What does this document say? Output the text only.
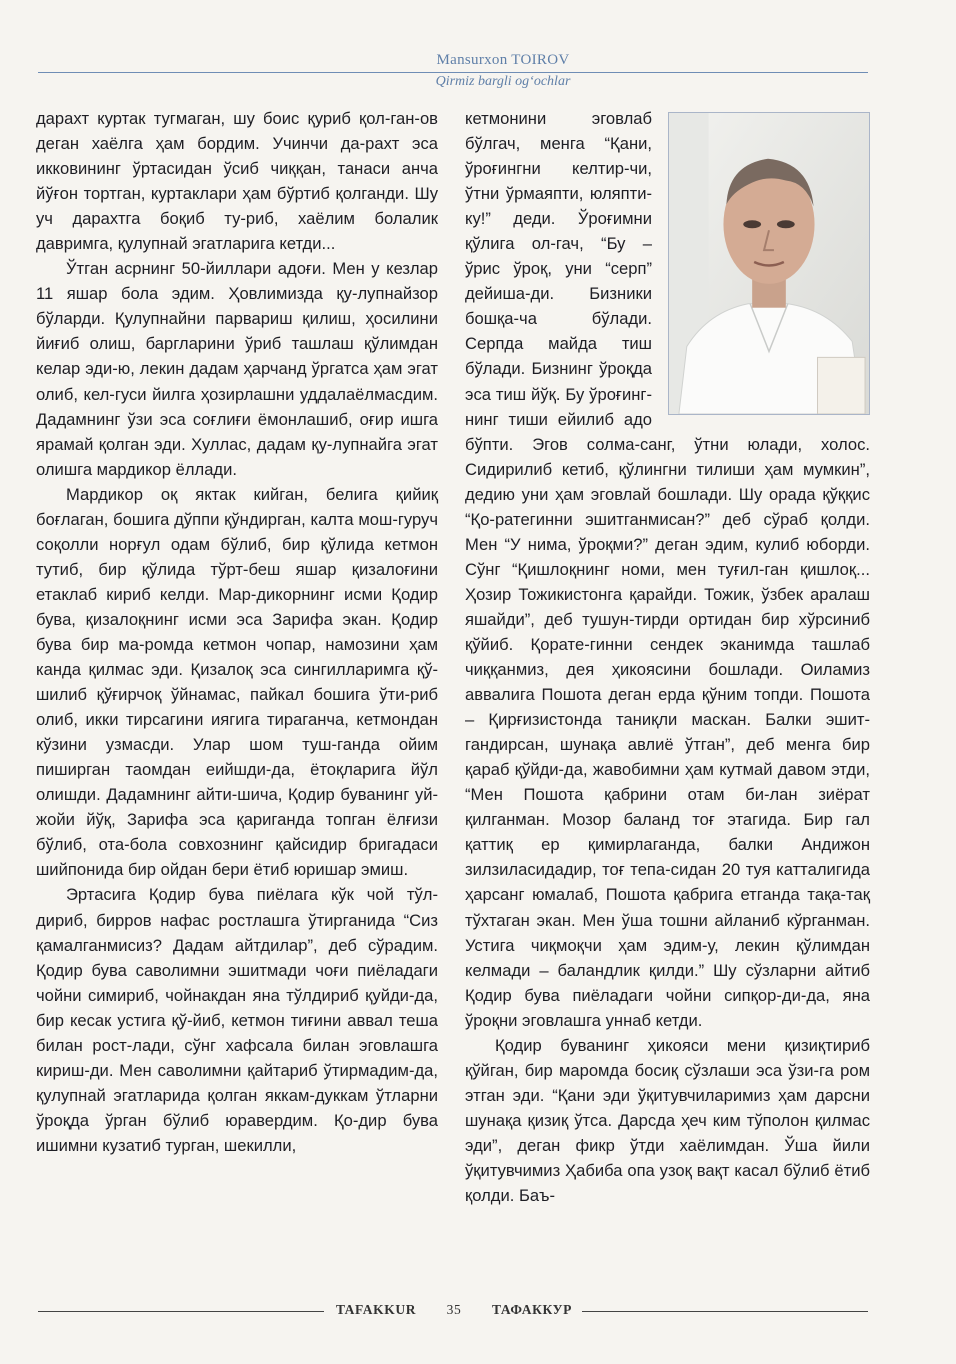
Mansurxon TOIROV
Qirmiz bargli og‘ochlar

дарахт куртак тугмаган, шу боис қуриб қол-ган-ов деган хаёлга ҳам бордим. Учинчи да-рахт эса икковининг ўртасидан ўсиб чиққан, танаси анча йўғон тортган, куртаклари ҳам бўртиб қолганди. Шу уч дарахтга боқиб ту-риб, хаёлим болалик давримга, қулупнай эгатларига кетди...

Ўтган асрнинг 50-йиллари адоғи. Мен у кезлар 11 яшар бола эдим. Ҳовлимизда қу-лупнайзор бўларди. Қулупнайни парвариш қилиш, ҳосилини йиғиб олиш, баргларини ўриб ташлаш қўлимдан келар эди-ю, лекин дадам ҳарчанд ўргатса ҳам эгат олиб, кел-гуси йилга ҳозирлашни уддалаёлмасдим. Дадамнинг ўзи эса соғлиғи ёмонлашиб, оғир ишга ярамай қолган эди. Хуллас, дадам қу-лупнайга эгат олишга мардикор ёллади.

Мардикор оқ яктак кийган, белига қийиқ боғлаган, бошига дўппи қўндирган, калта мош-гуруч соқолли норғул одам бўлиб, бир қўлида кетмон тутиб, бир қўлида тўрт-беш яшар қизалоғини етаклаб кириб келди. Мар-дикорнинг исми Қодир бува, қизалоқнинг исми эса Зарифа экан. Қодир бува бир ма-ромда кетмон чопар, намозини ҳам канда қилмас эди. Қизалоқ эса сингилларимга қў-шилиб қўғирчоқ ўйнамас, пайкал бошига ўти-риб олиб, икки тирсагини иягига тираганча, кетмондан кўзини узмасди. Улар шом туш-ганда ойим пиширган таомдан еийшди-да, ётоқларига йўл олишди. Дадамнинг айти-шича, Қодир буванинг уй-жойи йўқ, Зарифа эса қариганда топган ёлғизи бўлиб, ота-бола совхознинг қайсидир бригадаси шийпонида бир ойдан бери ётиб юришар эмиш.

Эртасига Қодир бува пиёлага кўк чой тўл-дириб, бирров нафас ростлашга ўтирганида “Сиз қамалганмисиз? Дадам айтдилар”, деб сўрадим. Қодир бува саволимни эшитмади чоғи пиёладаги чойни симириб, чойнакдан яна тўлдириб қуйди-да, бир кесак устига қў-йиб, кетмон тиғини аввал теша билан рост-лади, сўнг хафсала билан эговлашга кириш-ди. Мен саволимни қайтариб ўтирмадим-да, қулупнай эгатларида қолган яккам-дуккам ўтларни ўроқда ўрган бўлиб юравердим. Қо-дир бува ишимни кузатиб турган, шекилли,

кетмонини эговлаб бўлгач, менга “Қани, ўроғингни келтир-чи, ўтни ўрмаяпти, юляпти-ку!” деди. Ўроғимни қўлига ол-гач, “Бу – ўрис ўроқ, уни “серп” дейиша-ди. Бизники бошқа-ча бўлади. Серпда майда тиш бўлади. Бизнинг ўроқда эса тиш йўқ. Бу ўроғинг-нинг тиши ейилиб адо бўпти. Эгов солма-санг, ўтни юлади, холос. Сидирилиб кетиб, қўлингни тилиши ҳам мумкин”, дедию уни ҳам эговлай бошлади. Шу орада қўққис “Қо-ратегинни эшитганмисан?” деб сўраб қолди. Мен “У нима, ўроқми?” деган эдим, кулиб юборди. Сўнг “Қишлоқнинг номи, мен туғил-ган қишлоқ... Ҳозир Тожикистонга қарайди. Тожик, ўзбек аралаш яшайди”, деб тушун-тирди ортидан бир хўрсиниб қўйиб. Қорате-гинни сендек эканимда ташлаб чиққанмиз, дея ҳикоясини бошлади. Оиламиз аввалига Пошота деган ерда қўним топди. Пошота – Қирғизистонда таниқли маскан. Балки эшит-гандирсан, шунақа авлиё ўтган”, деб менга бир қараб қўйди-да, жавобимни ҳам кутмай давом этди, “Мен Пошота қабрини отам би-лан зиёрат қилганман. Мозор баланд тоғ этагида. Бир гал қаттиқ ер қимирлаганда, балки Андижон зилзиласидадир, тоғ тепа-сидан 20 туя катталигида ҳарсанг юмалаб, Пошота қабрига етганда тақа-тақ тўхтаган экан. Мен ўша тошни айланиб кўрганман. Устига чиқмоқчи ҳам эдим-у, лекин қўлимдан келмади – баландлик қилди.” Шу сўзларни айтиб Қодир бува пиёладаги чойни сипқор-ди-да, яна ўроқни эговлашга уннаб кетди.

Қодир буванинг ҳикояси мени қизиқтириб қўйган, бир маромда босиқ сўзлаши эса ўзи-га ром этган эди. “Қани эди ўқитувчиларимиз ҳам дарсни шунақа қизиқ ўтса. Дарсда ҳеч ким тўполон қилмас эди”, деган фикр ўтди хаёлимдан. Ўша йили ўқитувчимиз Ҳабиба опа узоқ вақт касал бўлиб ётиб қолди. Баъ-

TAFAKKUR 35 ТАФАККУР
